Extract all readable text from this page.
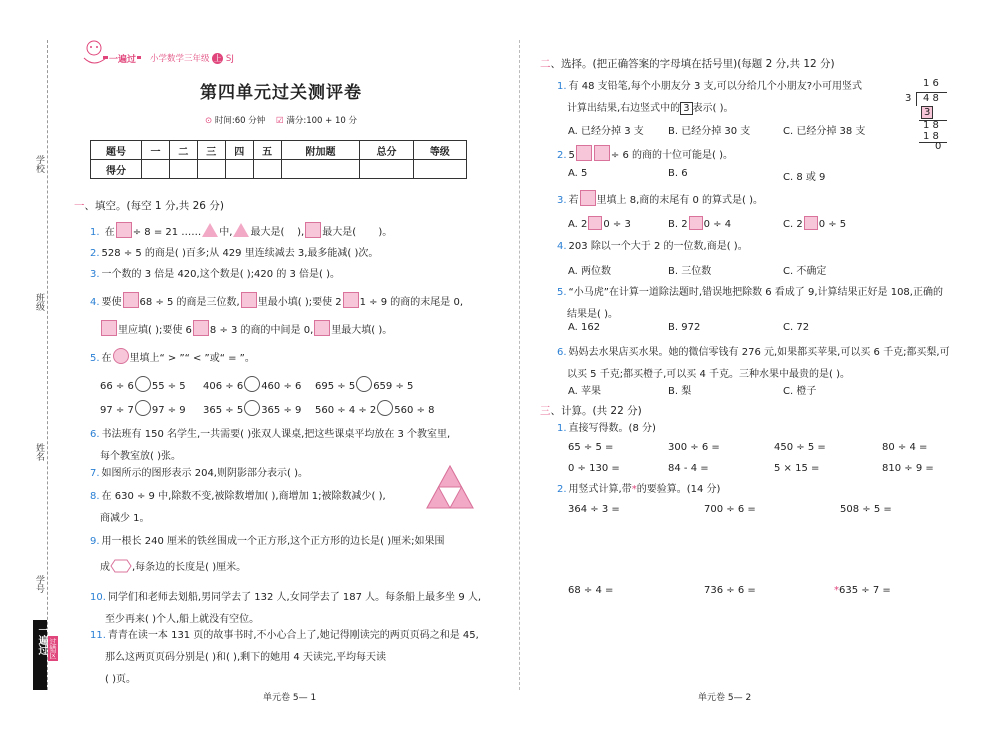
学校
班级
姓名
学号
一遍过 过错区
一遍过 小学数学三年级 上 SJ
第四单元过关测评卷
⊙ 时间:60 分钟 ☑ 满分:100 + 10 分
题号	一	二	三	四	五	附加题	总分	等级
得分								
一、填空。(每空 1 分,共 26 分)
1. 在 ÷ 8 = 21 …… 中, 最大是( ), 最大是( )。
2. 528 ÷ 5 的商是( )百多;从 429 里连续减去 3,最多能减( )次。
3. 一个数的 3 倍是 420,这个数是( );420 的 3 倍是( )。
4. 要使 68 ÷ 5 的商是三位数, 里最小填( );要使 2 1 ÷ 9 的商的末尾是 0,
里应填( );要使 6 8 ÷ 3 的商的中间是 0, 里最大填( )。
5. 在 里填上“ > ”“ < ”或“ = ”。
66 ÷ 6 55 ÷ 5 406 ÷ 6 460 ÷ 6 695 ÷ 5 659 ÷ 5
97 ÷ 7 97 ÷ 9 365 ÷ 5 365 ÷ 9 560 ÷ 4 ÷ 2 560 ÷ 8
6. 书法班有 150 名学生,一共需要( )张双人课桌,把这些课桌平均放在 3 个教室里,
每个教室放( )张。
7. 如图所示的图形表示 204,则阴影部分表示( )。
8. 在 630 ÷ 9 中,除数不变,被除数增加( ),商增加 1;被除数减少( ),
商减少 1。
9. 用一根长 240 厘米的铁丝围成一个正方形,这个正方形的边长是( )厘米;如果围
成 ,每条边的长度是( )厘米。
10. 同学们和老师去划船,男同学去了 132 人,女同学去了 187 人。每条船上最多坐 9 人,
至少再来( )个人,船上就没有空位。
11. 青青在读一本 131 页的故事书时,不小心合上了,她记得刚读完的两页页码之和是 45,
那么这两页页码分别是( )和( ),剩下的她用 4 天读完,平均每天读
( )页。
单元卷 5— 1
二、选择。(把正确答案的字母填在括号里)(每题 2 分,共 12 分)
1. 有 48 支铅笔,每个小朋友分 3 支,可以分给几个小朋友?小可用竖式
计算出结果,右边竖式中的 3 表示( )。
A. 已经分掉 3 支 B. 已经分掉 30 支	C. 已经分掉 38 支
1 6
3 4 8
3
1 8
1 8
0
2. 5	÷ 6 的商的十位可能是( )。
A. 5	B. 6	C. 8 或 9
3. 若 里填上 8,商的末尾有 0 的算式是( )。
A. 2 0 ÷ 3	B. 2 0 ÷ 4	C. 2 0 ÷ 5
4. 203 除以一个大于 2 的一位数,商是( )。
A. 两位数	B. 三位数	C. 不确定
5. “小马虎”在计算一道除法题时,错误地把除数 6 看成了 9,计算结果正好是 108,正确的
结果是( )。
A. 162	B. 972	C. 72
6. 妈妈去水果店买水果。她的微信零钱有 276 元,如果都买苹果,可以买 6 千克;都买梨,可
以买 5 千克;都买橙子,可以买 4 千克。三种水果中最贵的是( )。
A. 苹果	B. 梨	C. 橙子
三、计算。(共 22 分)
1. 直接写得数。(8 分)
65 ÷ 5 =	300 ÷ 6 =	450 ÷ 5 =	80 ÷ 4 =
0 ÷ 130 =	84 - 4 =	5 × 15 =	810 ÷ 9 =
2. 用竖式计算,带*的要验算。(14 分)
364 ÷ 3 =	700 ÷ 6 =	508 ÷ 5 =
68 ÷ 4 =	736 ÷ 6 =	*635 ÷ 7 =
单元卷 5— 2
